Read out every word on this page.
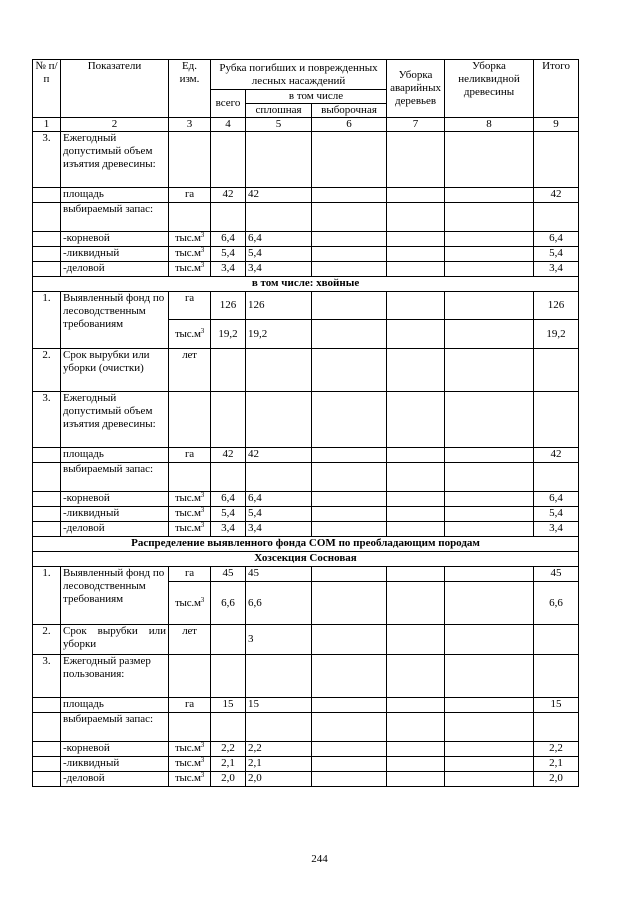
№ п/п	Показатели	Ед. изм.	Рубка погибших и поврежденных лесных насаждений			Уборка аварийных деревьев	Уборка неликвидной древесины	Итого
			всего	в том числе				
				сплошная	выборочная			
1	2	3	4	5	6	7	8	9
3.	Ежегодный допустимый объем изъятия древесины:							
	площадь	га	42	42				42
	выбираемый запас:							
	-корневой	$тыс.м^3$	6,4	6,4				6,4
	-ликвидный	$тыс.м^3$	5,4	5,4				5,4
	-деловой	$тыс.м^3$	3,4	3,4				3,4
в том числе: хвойные								
1.	Выявленный фонд по лесоводственным требованиям	га	126	126				126
		$тыс.м^3$	19,2	19,2				19,2
2.	Срок вырубки или уборки (очистки)	лет						
3.	Ежегодный допустимый объем изъятия древесины:							
	площадь	га	42	42				42
	выбираемый запас:							
	-корневой	$тыс.м^3$	6,4	6,4				6,4
	-ликвидный	$тыс.м^3$	5,4	5,4				5,4
	-деловой	$тыс.м^3$	3,4	3,4				3,4
Распределение выявленного фонда СОМ по преобладающим породам								
Хозсекция Сосновая								
1.	Выявленный фонд по лесоводственным требованиям	га	45	45				45
		$тыс.м^3$	6,6	6,6				6,6
2.	Срок вырубки или уборки	лет		3				
3.	Ежегодный размер пользования:							
	площадь	га	15	15				15
	выбираемый запас:							
	-корневой	$тыс.м^3$	2,2	2,2				2,2
	-ликвидный	$тыс.м^3$	2,1	2,1				2,1
	-деловой	$тыс.м^3$	2,0	2,0				2,0
244
